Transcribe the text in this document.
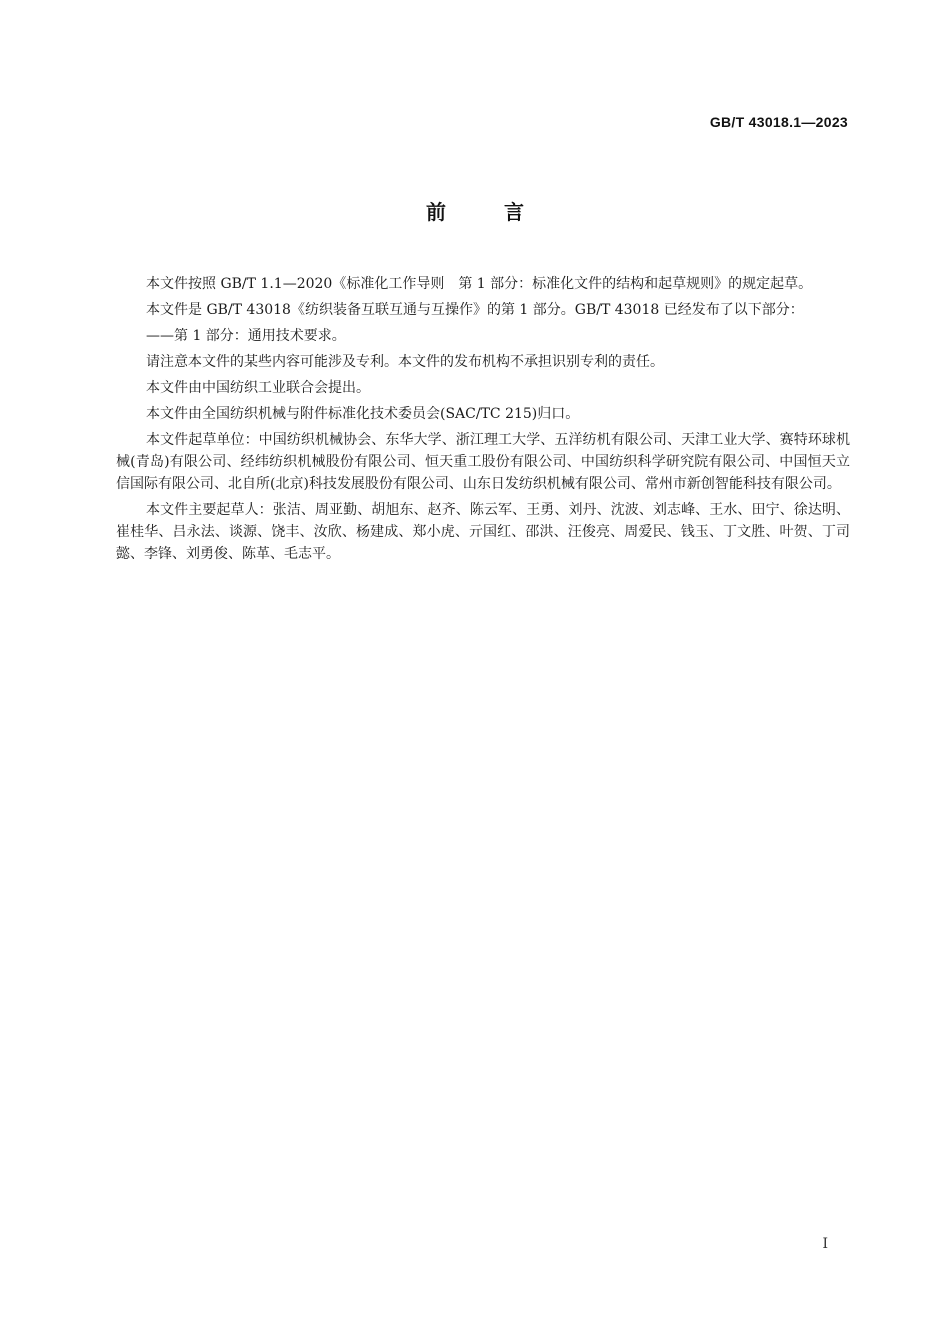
GB/T 43018.1—2023
前言

本文件按照 GB/T 1.1—2020《标准化工作导则　第 1 部分：标准化文件的结构和起草规则》的规定起草。

本文件是 GB/T 43018《纺织装备互联互通与互操作》的第 1 部分。GB/T 43018 已经发布了以下部分：

——第 1 部分：通用技术要求。

请注意本文件的某些内容可能涉及专利。本文件的发布机构不承担识别专利的责任。

本文件由中国纺织工业联合会提出。

本文件由全国纺织机械与附件标准化技术委员会(SAC/TC 215)归口。

本文件起草单位：中国纺织机械协会、东华大学、浙江理工大学、五洋纺机有限公司、天津工业大学、赛特环球机械(青岛)有限公司、经纬纺织机械股份有限公司、恒天重工股份有限公司、中国纺织科学研究院有限公司、中国恒天立信国际有限公司、北自所(北京)科技发展股份有限公司、山东日发纺织机械有限公司、常州市新创智能科技有限公司。

本文件主要起草人：张洁、周亚勤、胡旭东、赵齐、陈云军、王勇、刘丹、沈波、刘志峰、王水、田宁、徐达明、崔桂华、吕永法、谈源、饶丰、汝欣、杨建成、郑小虎、亓国红、邵洪、汪俊亮、周爱民、钱玉、丁文胜、叶贺、丁司懿、李锋、刘勇俊、陈革、毛志平。

I
